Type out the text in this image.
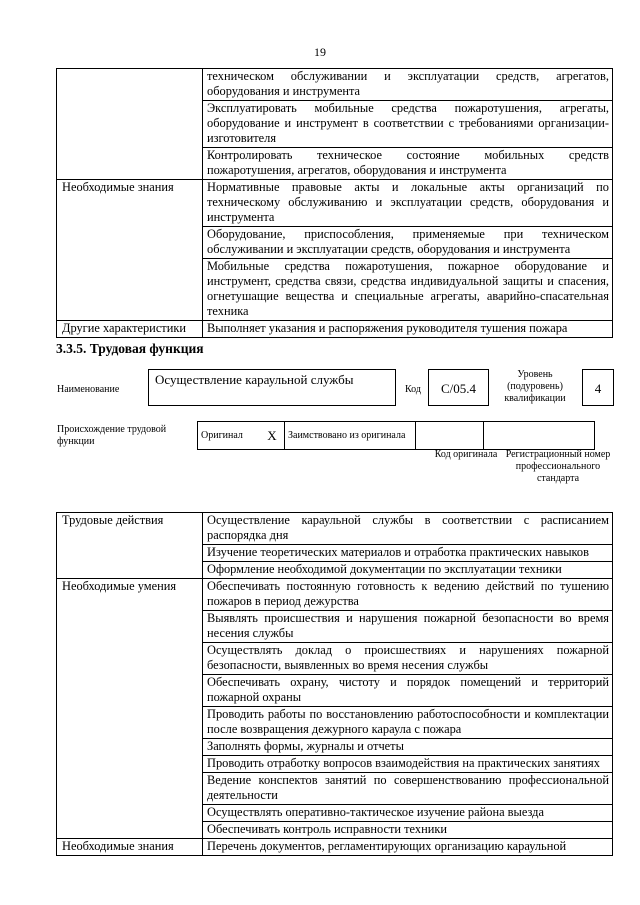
19
	техническом обслуживании и эксплуатации средств, агрегатов, оборудования и инструмента
	Эксплуатировать мобильные средства пожаротушения, агрегаты, оборудование и инструмент в соответствии с требованиями организации-изготовителя
	Контролировать техническое состояние мобильных средств пожаротушения, агрегатов, оборудования и инструмента
Необходимые знания	Нормативные правовые акты и локальные акты организаций по техническому обслуживанию и эксплуатации средств, оборудования и инструмента
	Оборудование, приспособления, применяемые при техническом обслуживании и эксплуатации средств, оборудования и инструмента
	Мобильные средства пожаротушения, пожарное оборудование и инструмент, средства связи, средства индивидуальной защиты и спасения, огнетушащие вещества и специальные агрегаты, аварийно-спасательная техника
Другие характеристики	Выполняет указания и распоряжения руководителя тушения пожара
3.3.5. Трудовая функция
Наименование
Осуществление караульной службы
Код	C/05.4
Уровень (подуровень) квалификации
4
Происхождение трудовой функции
Оригинал	X	Заимствовано из оригинала		
Код оригинала Регистрационный номер профессионального стандарта
Трудовые действия	Осуществление караульной службы в соответствии с расписанием распорядка дня
	Изучение теоретических материалов и отработка практических навыков
	Оформление необходимой документации по эксплуатации техники
Необходимые умения	Обеспечивать постоянную готовность к ведению действий по тушению пожаров в период дежурства
	Выявлять происшествия и нарушения пожарной безопасности во время несения службы
	Осуществлять доклад о происшествиях и нарушениях пожарной безопасности, выявленных во время несения службы
	Обеспечивать охрану, чистоту и порядок помещений и территорий пожарной охраны
	Проводить работы по восстановлению работоспособности и комплектации после возвращения дежурного караула с пожара
	Заполнять формы, журналы и отчеты
	Проводить отработку вопросов взаимодействия на практических занятиях
	Ведение конспектов занятий по совершенствованию профессиональной деятельности
	Осуществлять оперативно-тактическое изучение района выезда
	Обеспечивать контроль исправности техники
Необходимые знания	Перечень документов, регламентирующих организацию караульной
